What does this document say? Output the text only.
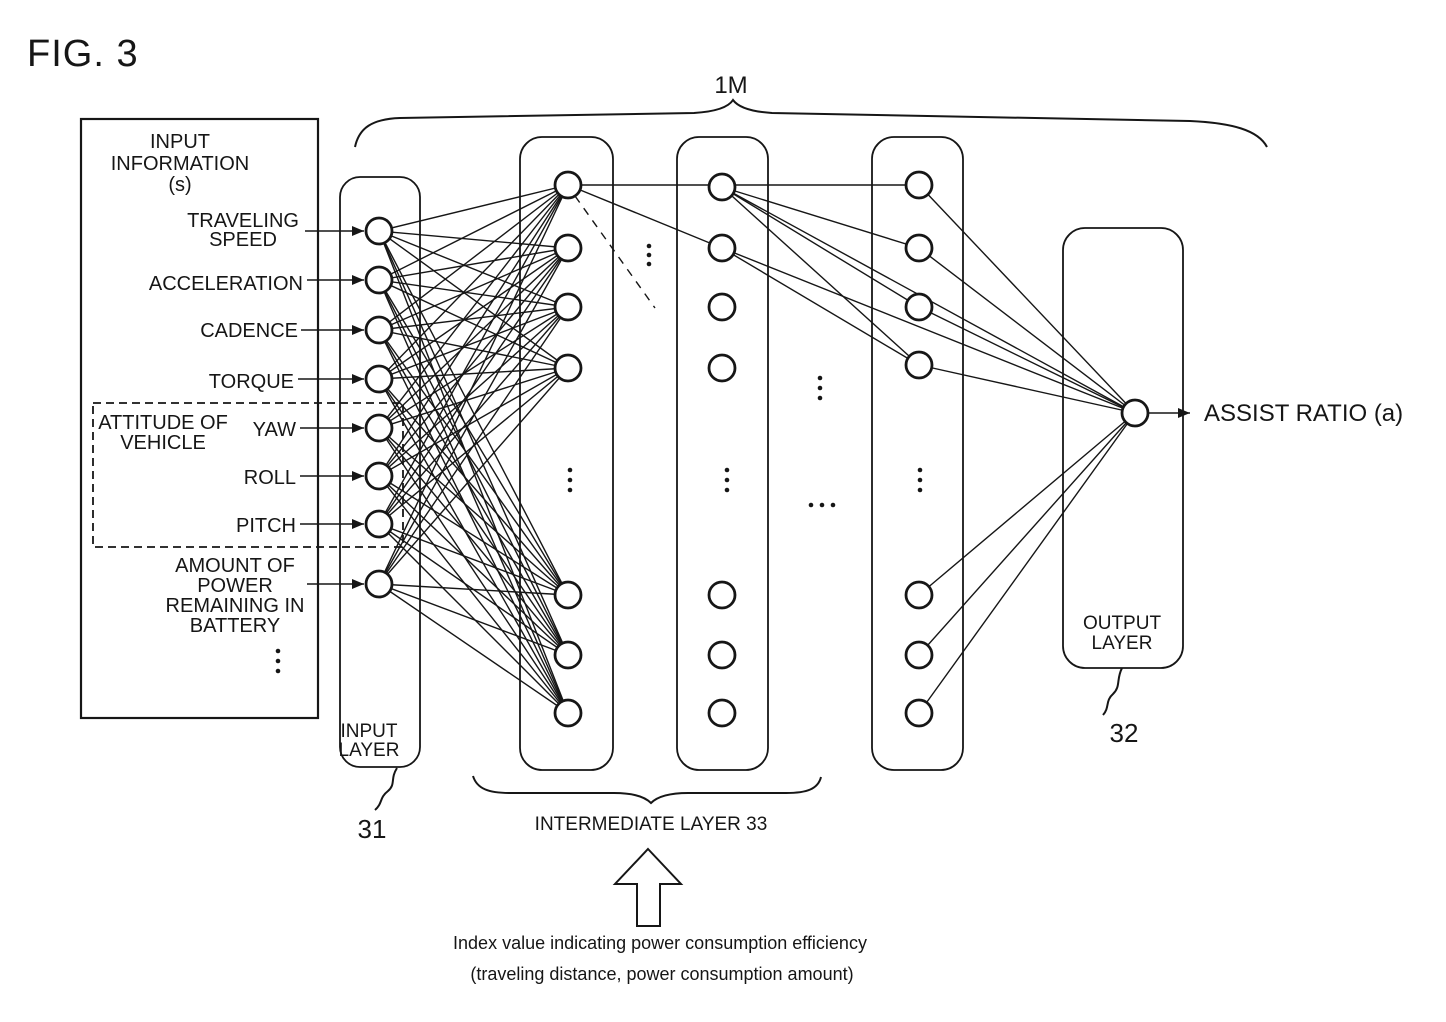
FIG. 3
INPUT
INFORMATION
(s)
TRAVELING
SPEED
ACCELERATION
CADENCE
TORQUE
YAW
ROLL
PITCH
ATTITUDE OF
VEHICLE
AMOUNT OF
POWER
REMAINING IN
BATTERY
INPUT
LAYER
31
OUTPUT
LAYER
32
1M
INTERMEDIATE LAYER 33
ASSIST RATIO (a)
Index value indicating power consumption efficiency
(traveling distance, power consumption amount)
